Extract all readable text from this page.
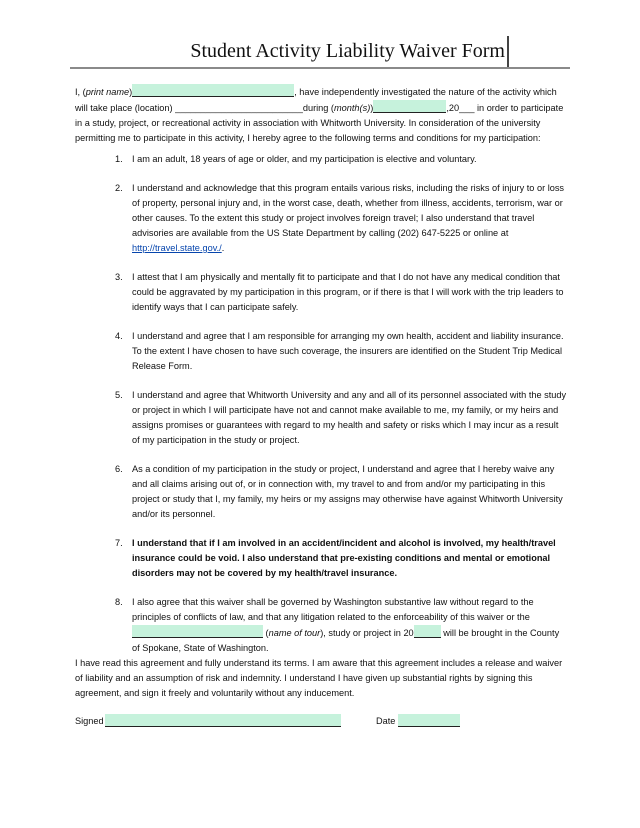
Student Activity Liability Waiver Form

I, (print name)	, have independently investigated the nature of the activity which will take place (location) _________________________during (month(s))	,20___ in order to participate in a study, project, or recreational activity in association with Whitworth University. In consideration of the university permitting me to participate in this activity, I hereby agree to the following terms and conditions for my participation:

1. I am an adult, 18 years of age or older, and my participation is elective and voluntary.
2. I understand and acknowledge that this program entails various risks, including the risks of injury to or loss of property, personal injury and, in the worst case, death, whether from illness, accidents, terrorism, war or other causes. To the extent this study or project involves foreign travel; I also understand that travel advisories are available from the US State Department by calling (202) 647-5225 or online at http://travel.state.gov./.
3. I attest that I am physically and mentally fit to participate and that I do not have any medical condition that could be aggravated by my participation in this program, or if there is that I will work with the trip leaders to identify ways that I can participate safely.
4. I understand and agree that I am responsible for arranging my own health, accident and liability insurance. To the extent I have chosen to have such coverage, the insurers are identified on the Student Trip Medical Release Form.
5. I understand and agree that Whitworth University and any and all of its personnel associated with the study or project in which I will participate have not and cannot make available to me, my family, or my heirs and assigns promises or guarantees with regard to my health and safety or risks which I may incur as a result of my participation in the study or project.
6. As a condition of my participation in the study or project, I understand and agree that I hereby waive any and all claims arising out of, or in connection with, my travel to and from and/or my participating in this project or study that I, my family, my heirs or my assigns may otherwise have against Whitworth University and/or its personnel.
7. I understand that if I am involved in an accident/incident and alcohol is involved, my health/travel insurance could be void. I also understand that pre-existing conditions and mental or emotional disorders may not be covered by my health/travel insurance.
8. I also agree that this waiver shall be governed by Washington substantive law without regard to the principles of conflicts of law, and that any litigation related to the enforceability of this waiver or the  (name of tour), study or project in 20	will be brought in the County of Spokane, State of Washington.

I have read this agreement and fully understand its terms. I am aware that this agreement includes a release and waiver of liability and an assumption of risk and indemnity. I understand I have given up substantial rights by signing this agreement, and sign it freely and voluntarily without any inducement.

Signed	Date
